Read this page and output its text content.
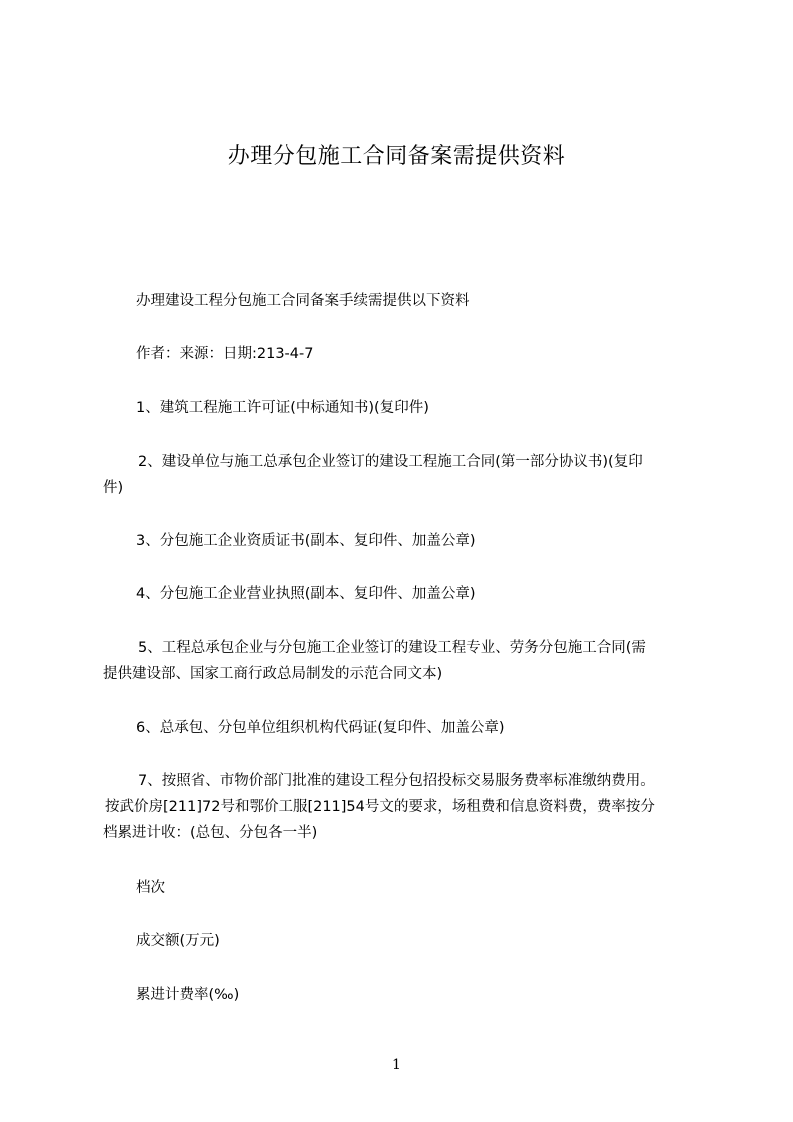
办理分包施工合同备案需提供资料

办理建设工程分包施工合同备案手续需提供以下资料

作者：来源：日期:213-4-7

1、建筑工程施工许可证(中标通知书)(复印件)

2、建设单位与施工总承包企业签订的建设工程施工合同(第一部分协议书)(复印
件)

3、分包施工企业资质证书(副本、复印件、加盖公章)

4、分包施工企业营业执照(副本、复印件、加盖公章)

5、工程总承包企业与分包施工企业签订的建设工程专业、劳务分包施工合同(需
提供建设部、国家工商行政总局制发的示范合同文本)

6、总承包、分包单位组织机构代码证(复印件、加盖公章)

7、按照省、市物价部门批准的建设工程分包招投标交易服务费率标准缴纳费用。
按武价房[211]72号和鄂价工服[211]54号文的要求，场租费和信息资料费，费率按分
档累进计收：(总包、分包各一半)

档次

成交额(万元)

累进计费率(‰)

1
